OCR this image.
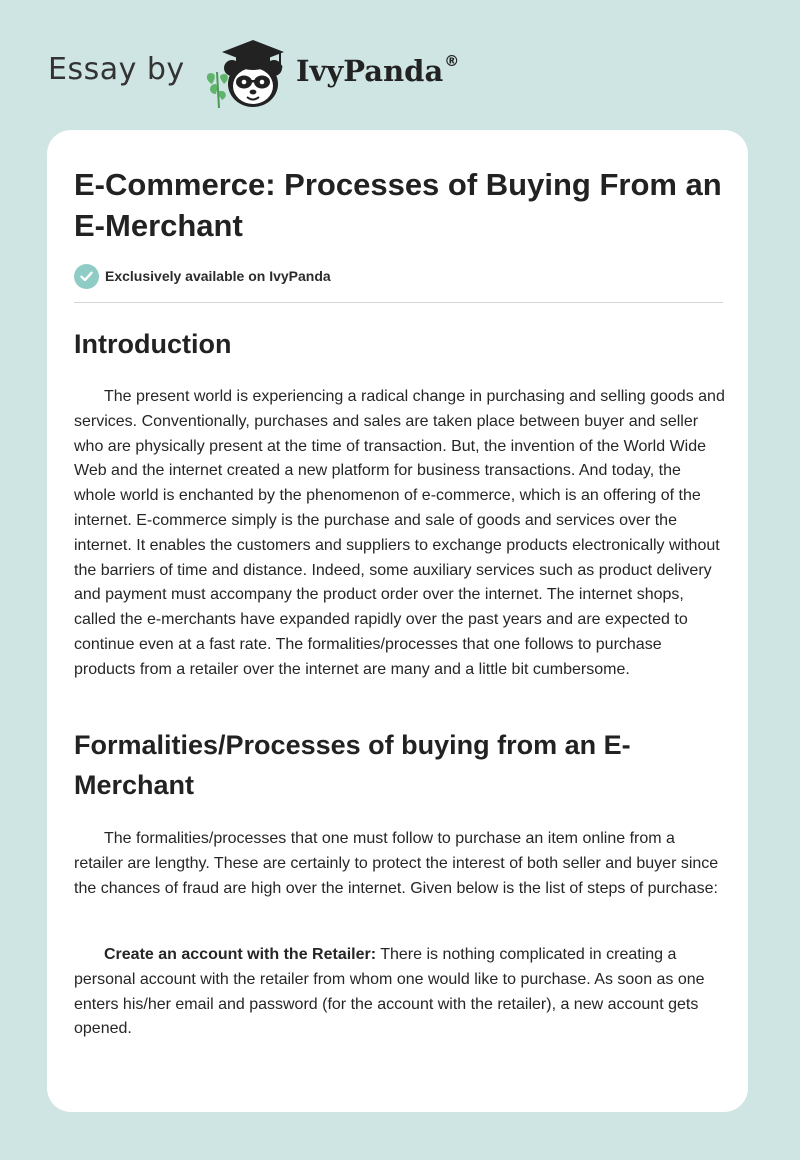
Essay by	IvyPanda®
E-Commerce: Processes of Buying From an E-Merchant
Exclusively available on IvyPanda
Introduction

The present world is experiencing a radical change in purchasing and selling goods and services. Conventionally, purchases and sales are taken place between buyer and seller who are physically present at the time of transaction. But, the invention of the World Wide Web and the internet created a new platform for business transactions. And today, the whole world is enchanted by the phenomenon of e-commerce, which is an offering of the internet. E-commerce simply is the purchase and sale of goods and services over the internet. It enables the customers and suppliers to exchange products electronically without the barriers of time and distance. Indeed, some auxiliary services such as product delivery and payment must accompany the product order over the internet. The internet shops, called the e-merchants have expanded rapidly over the past years and are expected to continue even at a fast rate. The formalities/processes that one follows to purchase products from a retailer over the internet are many and a little bit cumbersome.

Formalities/Processes of buying from an E-Merchant

The formalities/processes that one must follow to purchase an item online from a retailer are lengthy. These are certainly to protect the interest of both seller and buyer since the chances of fraud are high over the internet. Given below is the list of steps of purchase:

Create an account with the Retailer: There is nothing complicated in creating a personal account with the retailer from whom one would like to purchase. As soon as one enters his/her email and password (for the account with the retailer), a new account gets opened.
